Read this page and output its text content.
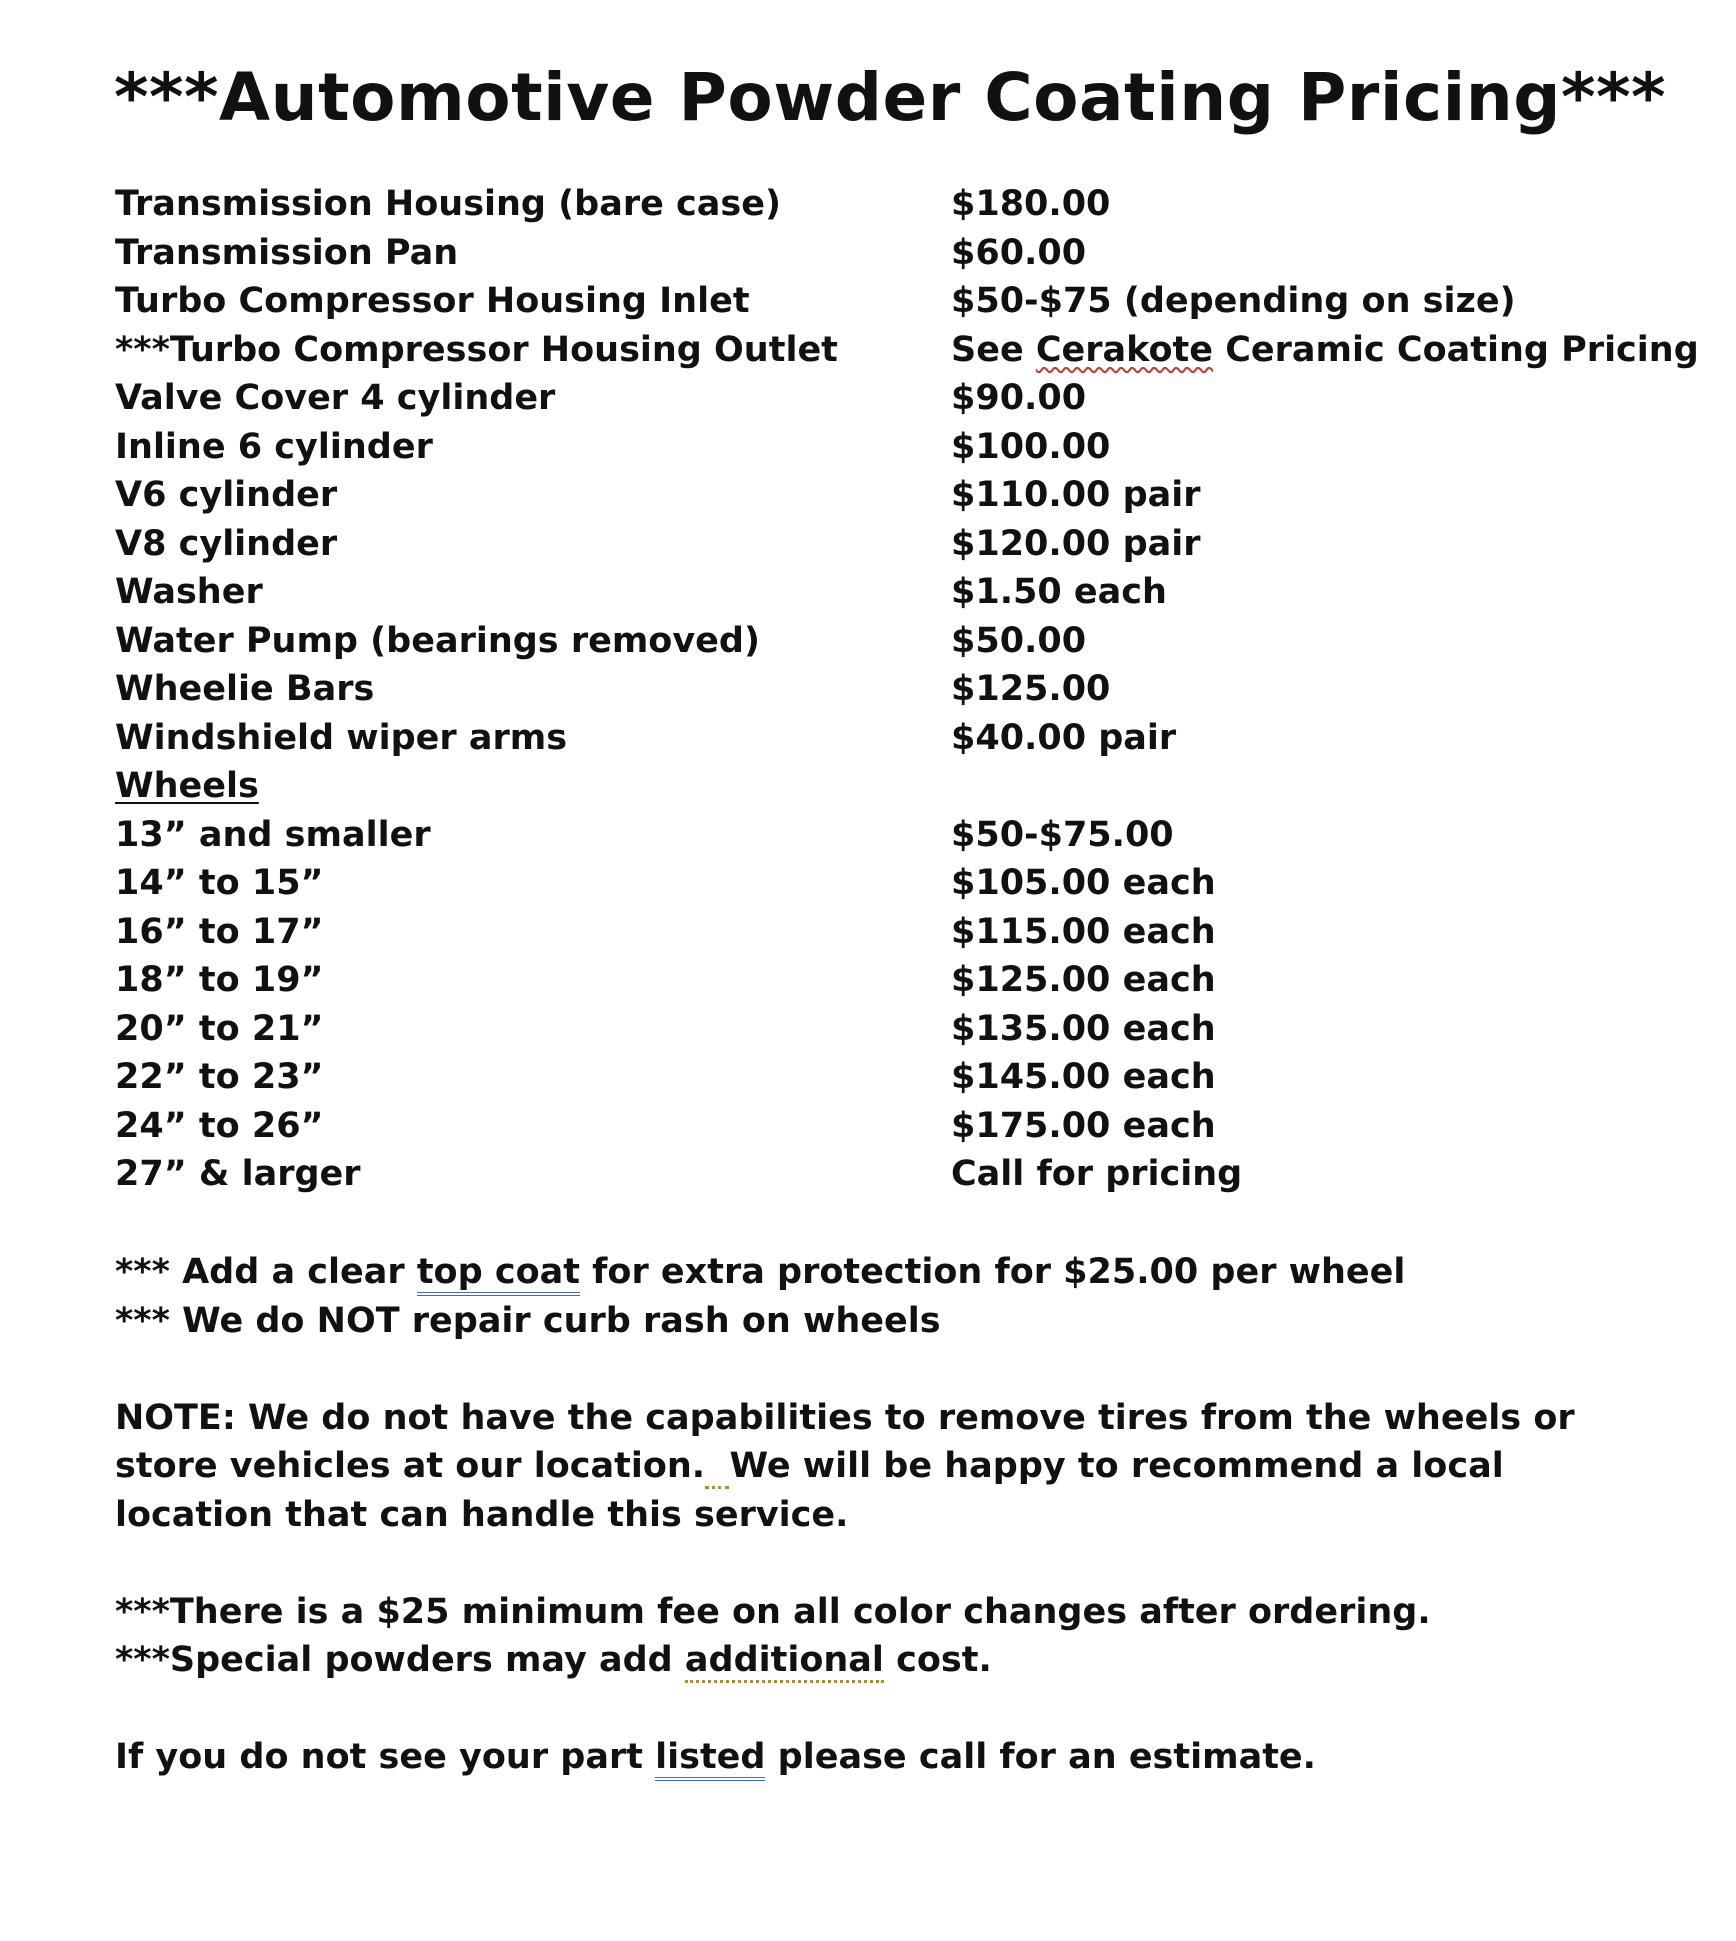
***Automotive Powder Coating Pricing***
Transmission Housing (bare case)	$180.00
Transmission Pan	$60.00
Turbo Compressor Housing Inlet	$50-$75 (depending on size)
***Turbo Compressor Housing Outlet	See Cerakote Ceramic Coating Pricing
Valve Cover 4 cylinder	$90.00
Inline 6 cylinder	$100.00
V6 cylinder	$110.00 pair
V8 cylinder	$120.00 pair
Washer	$1.50 each
Water Pump (bearings removed)	$50.00
Wheelie Bars	$125.00
Windshield wiper arms	$40.00 pair
Wheels
13” and smaller	$50-$75.00
14” to 15”	$105.00 each
16” to 17”	$115.00 each
18” to 19”	$125.00 each
20” to 21”	$135.00 each
22” to 23”	$145.00 each
24” to 26”	$175.00 each
27” & larger	Call for pricing

*** Add a clear top coat for extra protection for $25.00 per wheel

*** We do NOT repair curb rash on wheels

NOTE: We do not have the capabilities to remove tires from the wheels or store vehicles at our location. We will be happy to recommend a local location that can handle this service.

***There is a $25 minimum fee on all color changes after ordering.

***Special powders may add additional cost.

If you do not see your part listed please call for an estimate.
